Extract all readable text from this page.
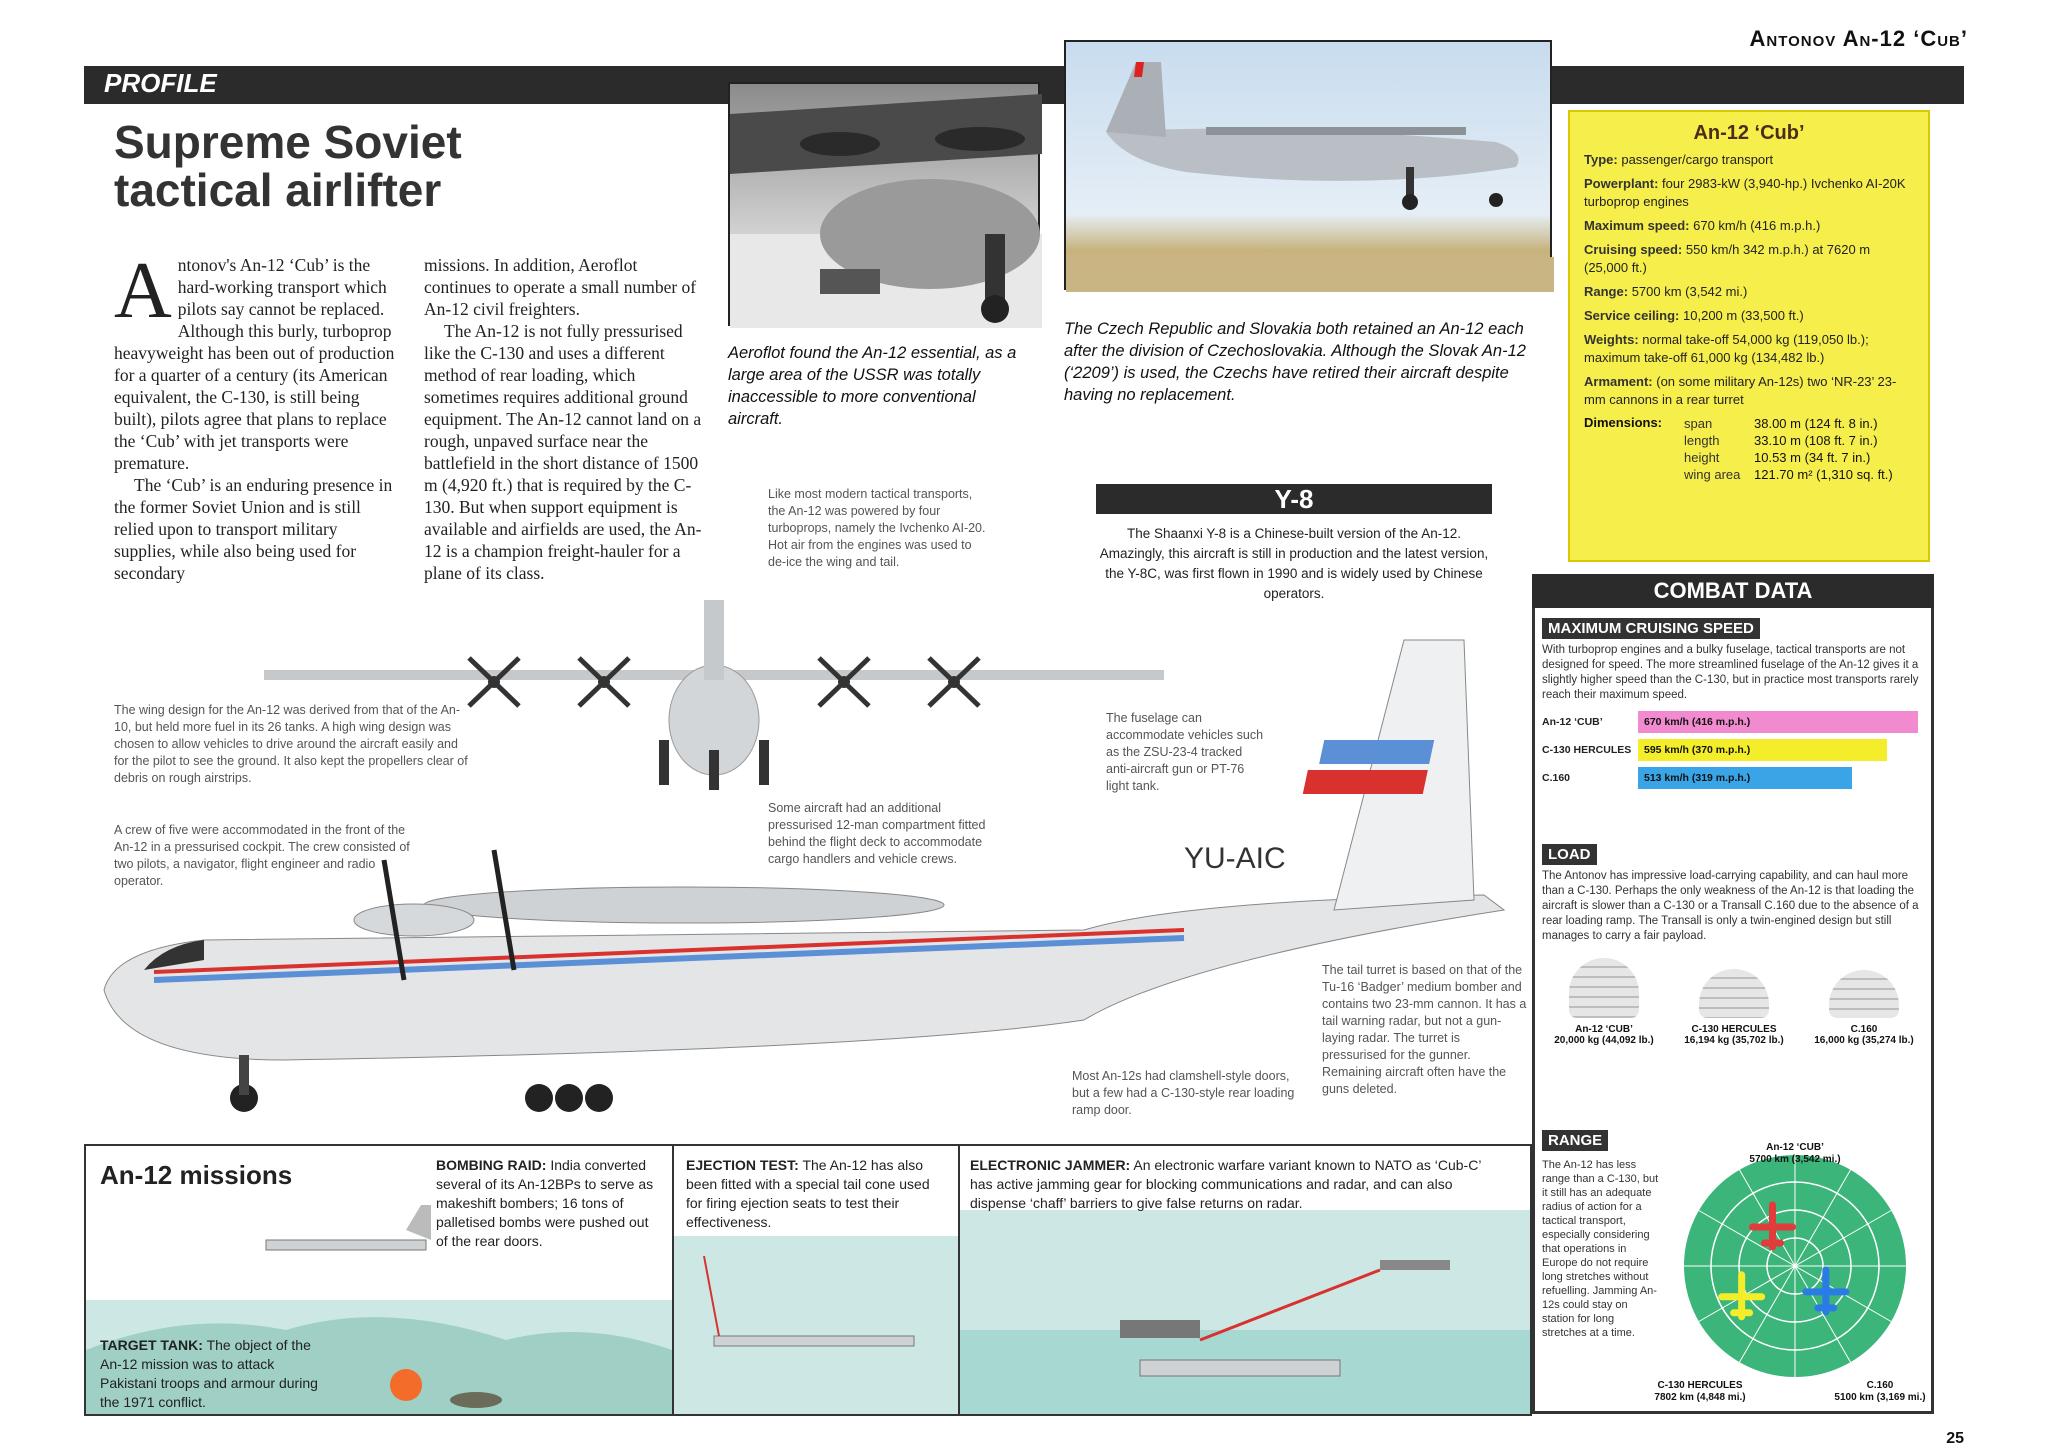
Antonov An-12 ‘Cub’
PROFILE
Supreme Soviet
tactical airlifter

Antonov's An-12 ‘Cub’ is the hard-working transport which pilots say cannot be replaced. Although this burly, turboprop heavyweight has been out of production for a quarter of a century (its American equivalent, the C-130, is still being built), pilots agree that plans to replace the ‘Cub’ with jet transports were premature.

The ‘Cub’ is an enduring presence in the former Soviet Union and is still relied upon to transport military supplies, while also being used for secondary

missions. In addition, Aeroflot continues to operate a small number of An-12 civil freighters.

The An-12 is not fully pressurised like the C-130 and uses a different method of rear loading, which sometimes requires additional ground equipment. The An-12 cannot land on a rough, unpaved surface near the battlefield in the short distance of 1500 m (4,920 ft.) that is required by the C-130. But when support equipment is available and airfields are used, the An-12 is a champion freight-hauler for a plane of its class.

Aeroflot found the An-12 essential, as a large area of the USSR was totally inaccessible to more conventional aircraft.
The Czech Republic and Slovakia both retained an An-12 each after the division of Czechoslovakia. Although the Slovak An-12 (‘2209’) is used, the Czechs have retired their aircraft despite having no replacement.
An-12 ‘Cub’
Type: passenger/cargo transport
Powerplant: four 2983-kW (3,940-hp.) Ivchenko AI-20K turboprop engines
Maximum speed: 670 km/h (416 m.p.h.)
Cruising speed: 550 km/h 342 m.p.h.) at 7620 m (25,000 ft.)
Range: 5700 km (3,542 mi.)
Service ceiling: 10,200 m (33,500 ft.)
Weights: normal take-off 54,000 kg (119,050 lb.); maximum take-off 61,000 kg (134,482 lb.)
Armament: (on some military An-12s) two ‘NR-23’ 23-mm cannons in a rear turret
Dimensions:	span	38.00 m (124 ft. 8 in.)
length	33.10 m (108 ft. 7 in.)
height	10.53 m (34 ft. 7 in.)
wing area	121.70 m² (1,310 sq. ft.)
Y-8
The Shaanxi Y-8 is a Chinese-built version of the An-12. Amazingly, this aircraft is still in production and the latest version, the Y-8C, was first flown in 1990 and is widely used by Chinese operators.
YU-AIC
Like most modern tactical transports, the An-12 was powered by four turboprops, namely the Ivchenko AI-20. Hot air from the engines was used to de-ice the wing and tail.
The wing design for the An-12 was derived from that of the An-10, but held more fuel in its 26 tanks. A high wing design was chosen to allow vehicles to drive around the aircraft easily and for the pilot to see the ground. It also kept the propellers clear of debris on rough airstrips.
A crew of five were accommodated in the front of the An-12 in a pressurised cockpit. The crew consisted of two pilots, a navigator, flight engineer and radio operator.
Some aircraft had an additional pressurised 12-man compartment fitted behind the flight deck to accommodate cargo handlers and vehicle crews.
The fuselage can accommodate vehicles such as the ZSU-23-4 tracked anti-aircraft gun or PT-76 light tank.
The tail turret is based on that of the Tu-16 ‘Badger’ medium bomber and contains two 23-mm cannon. It has a tail warning radar, but not a gun-laying radar. The turret is pressurised for the gunner. Remaining aircraft often have the guns deleted.
Most An-12s had clamshell-style doors, but a few had a C-130-style rear loading ramp door.
COMBAT DATA
MAXIMUM CRUISING SPEED
With turboprop engines and a bulky fuselage, tactical transports are not designed for speed. The more streamlined fuselage of the An-12 gives it a slightly higher speed than the C-130, but in practice most transports rarely reach their maximum speed.
An-12 ‘CUB’	670 km/h (416 m.p.h.)
C-130 HERCULES	595 km/h (370 m.p.h.)
C.160	513 km/h (319 m.p.h.)
LOAD
The Antonov has impressive load-carrying capability, and can haul more than a C-130. Perhaps the only weakness of the An-12 is that loading the aircraft is slower than a C-130 or a Transall C.160 due to the absence of a rear loading ramp. The Transall is only a twin-engined design but still manages to carry a fair payload.
An-12 ‘CUB’
20,000 kg (44,092 lb.)
C-130 HERCULES
16,194 kg (35,702 lb.)
C.160
16,000 kg (35,274 lb.)
RANGE
The An-12 has less range than a C-130, but it still has an adequate radius of action for a tactical transport, especially considering that operations in Europe do not require long stretches without refuelling. Jamming An-12s could stay on station for long stretches at a time.
An-12 ‘CUB’
5700 km (3,542 mi.)
C-130 HERCULES
7802 km (4,848 mi.)
C.160
5100 km (3,169 mi.)
An-12 missions
TARGET TANK: The object of the An-12 mission was to attack Pakistani troops and armour during the 1971 conflict.
BOMBING RAID: India converted several of its An-12BPs to serve as makeshift bombers; 16 tons of palletised bombs were pushed out of the rear doors.
EJECTION TEST: The An-12 has also been fitted with a special tail cone used for firing ejection seats to test their effectiveness.
ELECTRONIC JAMMER: An electronic warfare variant known to NATO as ‘Cub-C’ has active jamming gear for blocking communications and radar, and can also dispense ‘chaff’ barriers to give false returns on radar.
25
